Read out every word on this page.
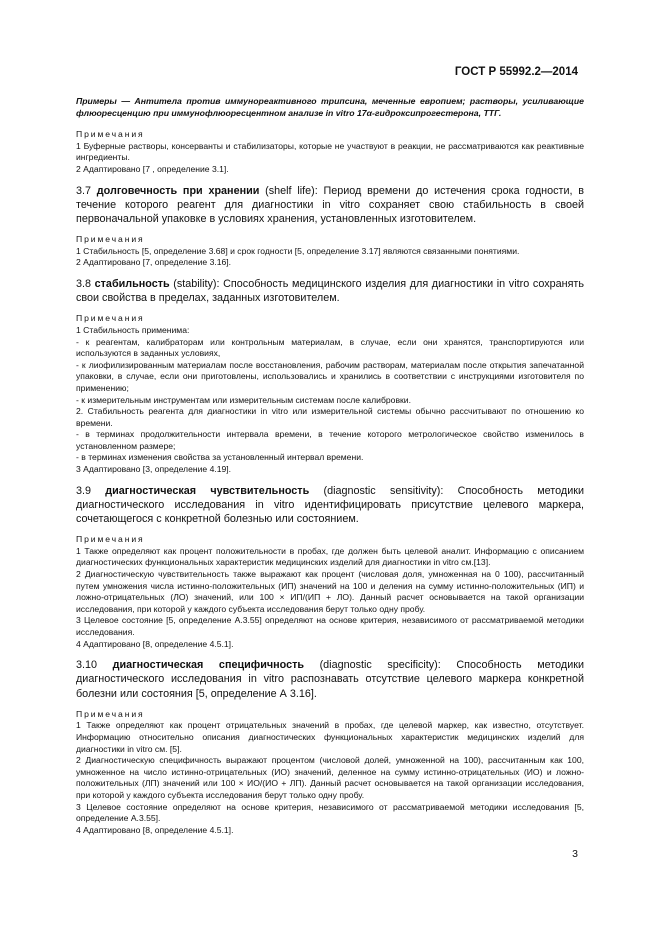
ГОСТ Р 55992.2—2014

Примеры — Антитела против иммунореактивного трипсина, меченные европием; растворы, усиливающие флюоресценцию при иммунофлюоресцентном анализе in vitro 17α-гидроксипрогестерона, ТТГ.

Примечания

1 Буферные растворы, консерванты и стабилизаторы, которые не участвуют в реакции, не рассматриваются как реактивные ингредиенты.

2 Адаптировано [7 , определение 3.1].

3.7 долговечность при хранении (shelf life): Период времени до истечения срока годности, в течение которого реагент для диагностики in vitro сохраняет свою стабильность в своей первоначальной упаковке в условиях хранения, установленных изготовителем.

Примечания

1 Стабильность [5, определение 3.68] и срок годности [5, определение 3.17] являются связанными понятиями.

2 Адаптировано [7, определение 3.16].

3.8 стабильность (stability): Способность медицинского изделия для диагностики in vitro сохранять свои свойства в пределах, заданных изготовителем.

Примечания

1 Стабильность применима:

- к реагентам, калибраторам или контрольным материалам, в случае, если они хранятся, транспортируются или используются в заданных условиях,

- к лиофилизированным материалам после восстановления, рабочим растворам, материалам после открытия запечатанной упаковки, в случае, если они приготовлены, использовались и хранились в соответствии с инструкциями изготовителя по применению;

- к измерительным инструментам или измерительным системам после калибровки.

2. Стабильность реагента для диагностики in vitro или измерительной системы обычно рассчитывают по отношению ко времени.

- в терминах продолжительности интервала времени, в течение которого метрологическое свойство изменилось в установленном размере;

- в терминах изменения свойства за установленный интервал времени.

3 Адаптировано [3, определение 4.19].

3.9 диагностическая чувствительность (diagnostic sensitivity): Способность методики диагностического исследования in vitro идентифицировать присутствие целевого маркера, сочетающегося с конкретной болезнью или состоянием.

Примечания

1 Также определяют как процент положительности в пробах, где должен быть целевой аналит. Информацию с описанием диагностических функциональных характеристик медицинских изделий для диагностики in vitro см.[13].

2 Диагностическую чувствительность также выражают как процент (числовая доля, умноженная на 0 100), рассчитанный путем умножения числа истинно-положительных (ИП) значений на 100 и деления на сумму истинно-положительных (ИП) и ложно-отрицательных (ЛО) значений, или 100 × ИП/(ИП + ЛО). Данный расчет основывается на такой организации исследования, при которой у каждого субъекта исследования берут только одну пробу.

3 Целевое состояние [5, определение А.3.55] определяют на основе критерия, независимого от рассматриваемой методики исследования.

4 Адаптировано [8, определение 4.5.1].

3.10 диагностическая специфичность (diagnostic specificity): Способность методики диагностического исследования in vitro распознавать отсутствие целевого маркера конкретной болезни или состояния [5, определение А 3.16].

Примечания

1 Также определяют как процент отрицательных значений в пробах, где целевой маркер, как известно, отсутствует. Информацию относительно описания диагностических функциональных характеристик медицинских изделий для диагностики in vitro см. [5].

2 Диагностическую специфичность выражают процентом (числовой долей, умноженной на 100), рассчитанным как 100, умноженное на число истинно-отрицательных (ИО) значений, деленное на сумму истинно-отрицательных (ИО) и ложно-положительных (ЛП) значений или 100 × ИО/(ИО + ЛП). Данный расчет основывается на такой организации исследования, при которой у каждого субъекта исследования берут только одну пробу.

3 Целевое состояние определяют на основе критерия, независимого от рассматриваемой методики исследования [5, определение А.3.55].

4 Адаптировано [8, определение 4.5.1].

3
